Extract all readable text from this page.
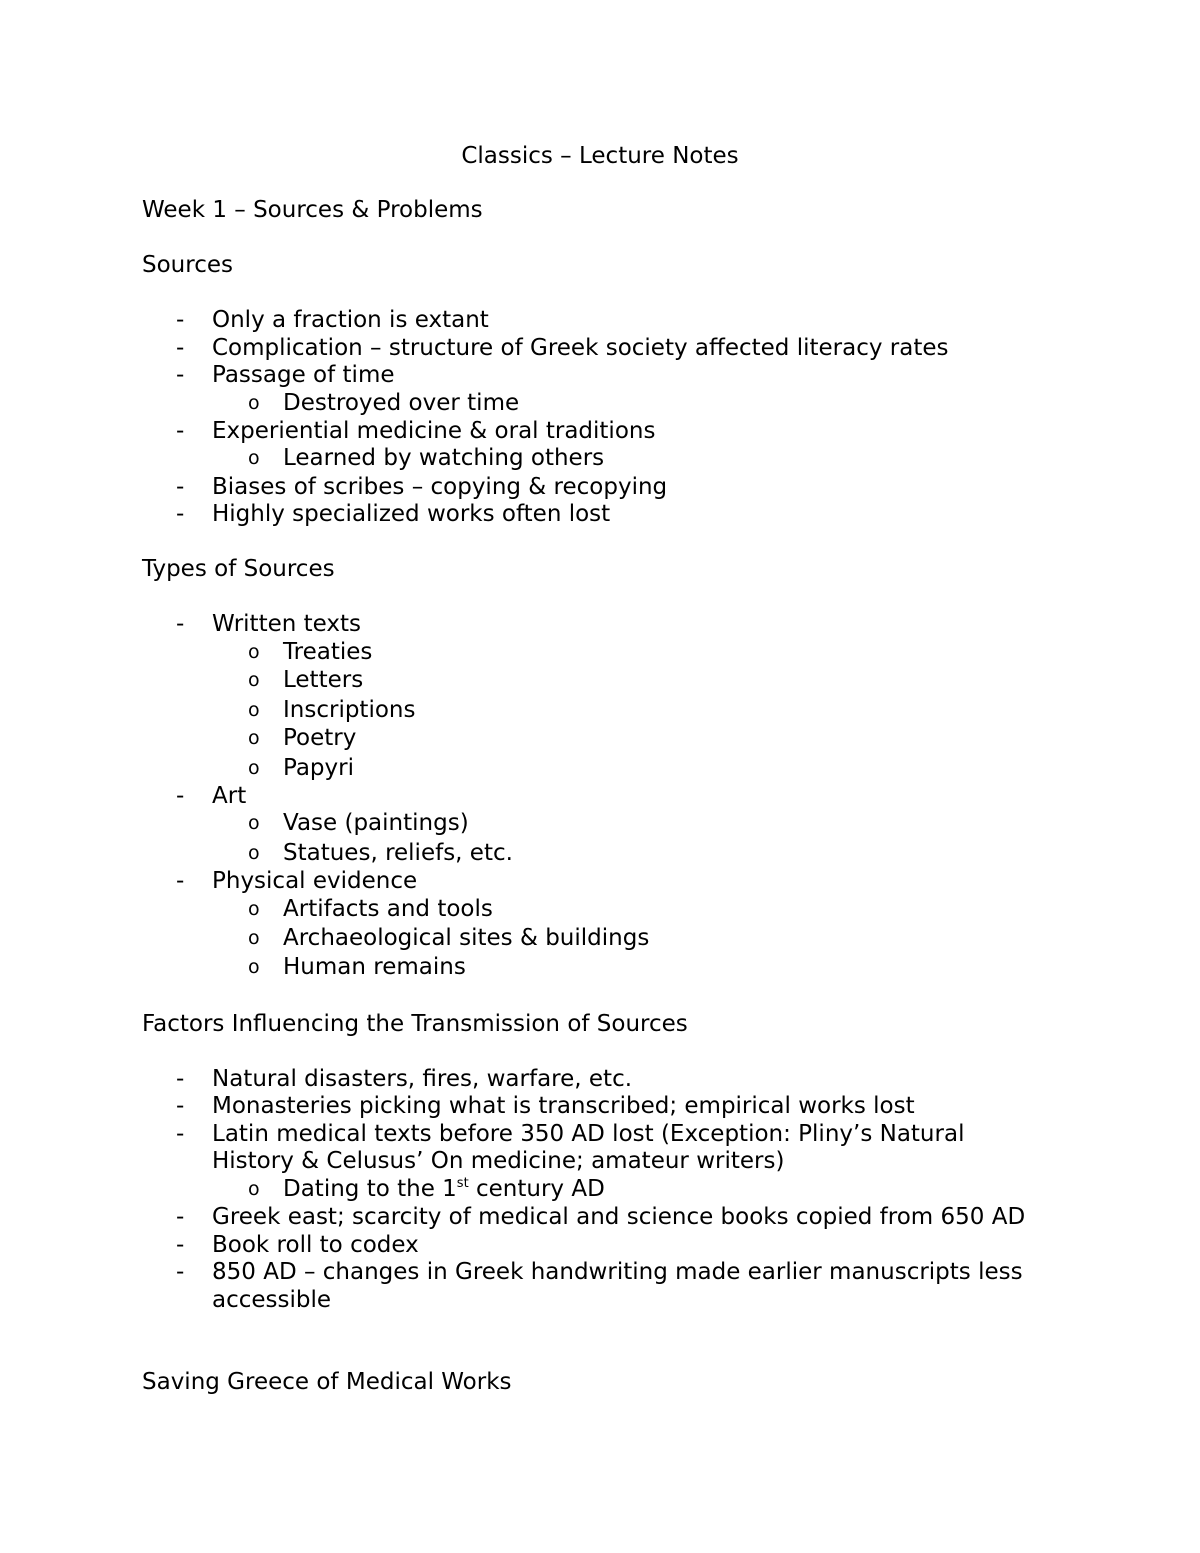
Classics – Lecture Notes
Week 1 – Sources & Problems
Sources
- Only a fraction is extant
- Complication – structure of Greek society affected literacy rates
- Passage of time
o Destroyed over time
- Experiential medicine & oral traditions
o Learned by watching others
- Biases of scribes – copying & recopying
- Highly specialized works often lost
Types of Sources
- Written texts
o Treaties
o Letters
o Inscriptions
o Poetry
o Papyri
- Art
o Vase (paintings)
o Statues, reliefs, etc.
- Physical evidence
o Artifacts and tools
o Archaeological sites & buildings
o Human remains
Factors Influencing the Transmission of Sources
- Natural disasters, fires, warfare, etc.
- Monasteries picking what is transcribed; empirical works lost
- Latin medical texts before 350 AD lost (Exception: Pliny’s Natural
History & Celusus’ On medicine; amateur writers)
o Dating to the 1st century AD
- Greek east; scarcity of medical and science books copied from 650 AD
- Book roll to codex
- 850 AD – changes in Greek handwriting made earlier manuscripts less
accessible
Saving Greece of Medical Works
